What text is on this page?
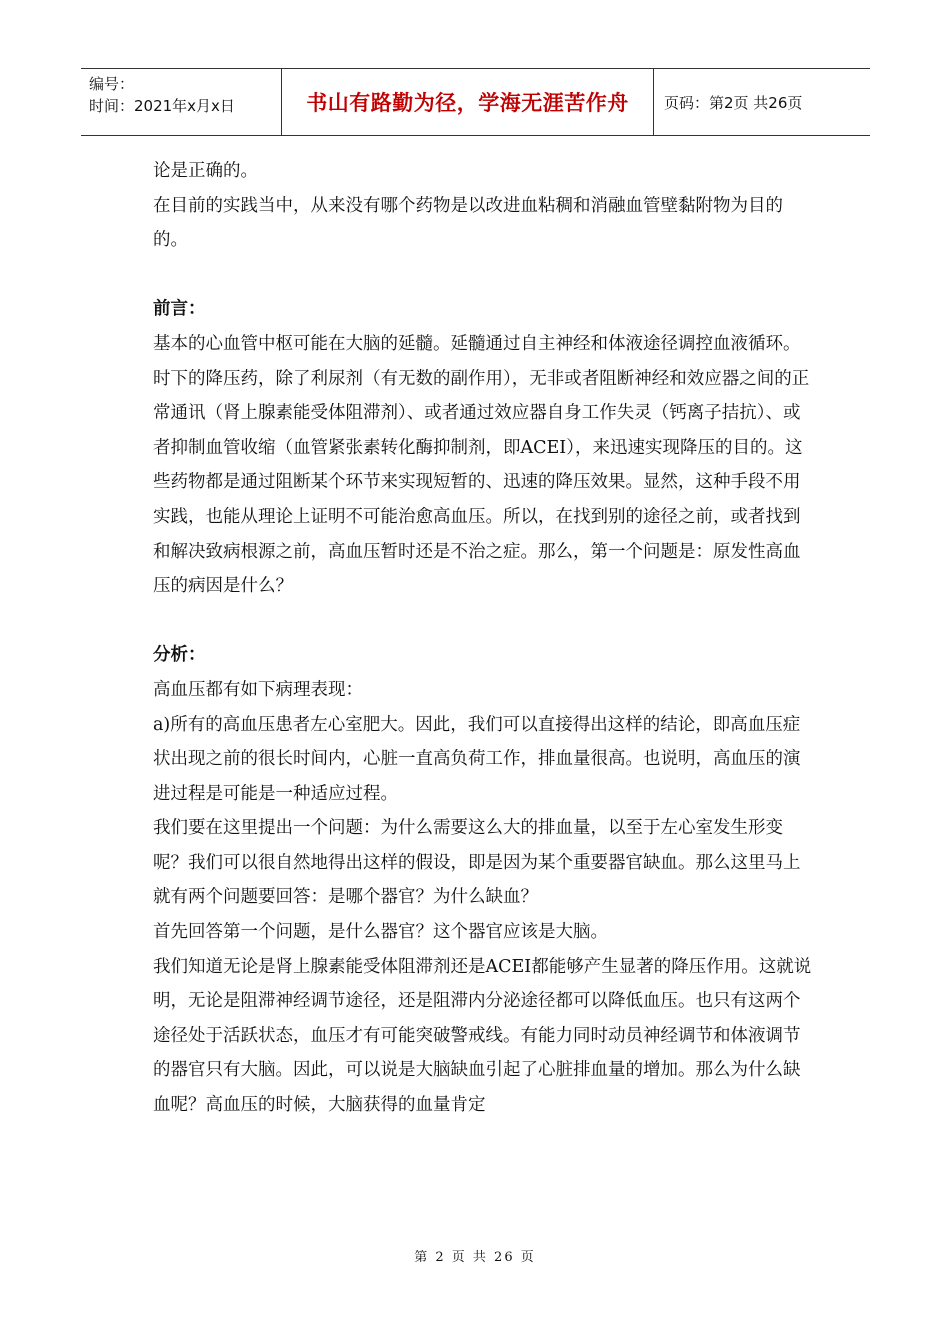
编号：
时间：2021年x月x日	书山有路勤为径，学海无涯苦作舟 页码：第2页 共26页

论是正确的。

在目前的实践当中，从来没有哪个药物是以改进血粘稠和消融血管壁黏附物为目的的。

前言：

基本的心血管中枢可能在大脑的延髓。延髓通过自主神经和体液途径调控血液循环。时下的降压药，除了利尿剂（有无数的副作用），无非或者阻断神经和效应器之间的正常通讯（肾上腺素能受体阻滞剂）、或者通过效应器自身工作失灵（钙离子拮抗）、或者抑制血管收缩（血管紧张素转化酶抑制剂，即ACEI），来迅速实现降压的目的。这些药物都是通过阻断某个环节来实现短暂的、迅速的降压效果。显然，这种手段不用实践，也能从理论上证明不可能治愈高血压。所以，在找到别的途径之前，或者找到和解决致病根源之前，高血压暂时还是不治之症。那么，第一个问题是：原发性高血压的病因是什么？

分析：

高血压都有如下病理表现：

a)所有的高血压患者左心室肥大。因此，我们可以直接得出这样的结论，即高血压症状出现之前的很长时间内，心脏一直高负荷工作，排血量很高。也说明，高血压的演进过程是可能是一种适应过程。

我们要在这里提出一个问题：为什么需要这么大的排血量，以至于左心室发生形变呢？我们可以很自然地得出这样的假设，即是因为某个重要器官缺血。那么这里马上就有两个问题要回答：是哪个器官？为什么缺血？

首先回答第一个问题，是什么器官？这个器官应该是大脑。

我们知道无论是肾上腺素能受体阻滞剂还是ACEI都能够产生显著的降压作用。这就说明，无论是阻滞神经调节途径，还是阻滞内分泌途径都可以降低血压。也只有这两个途径处于活跃状态，血压才有可能突破警戒线。有能力同时动员神经调节和体液调节的器官只有大脑。因此，可以说是大脑缺血引起了心脏排血量的增加。那么为什么缺血呢？高血压的时候，大脑获得的血量肯定

第 2 页 共 26 页
